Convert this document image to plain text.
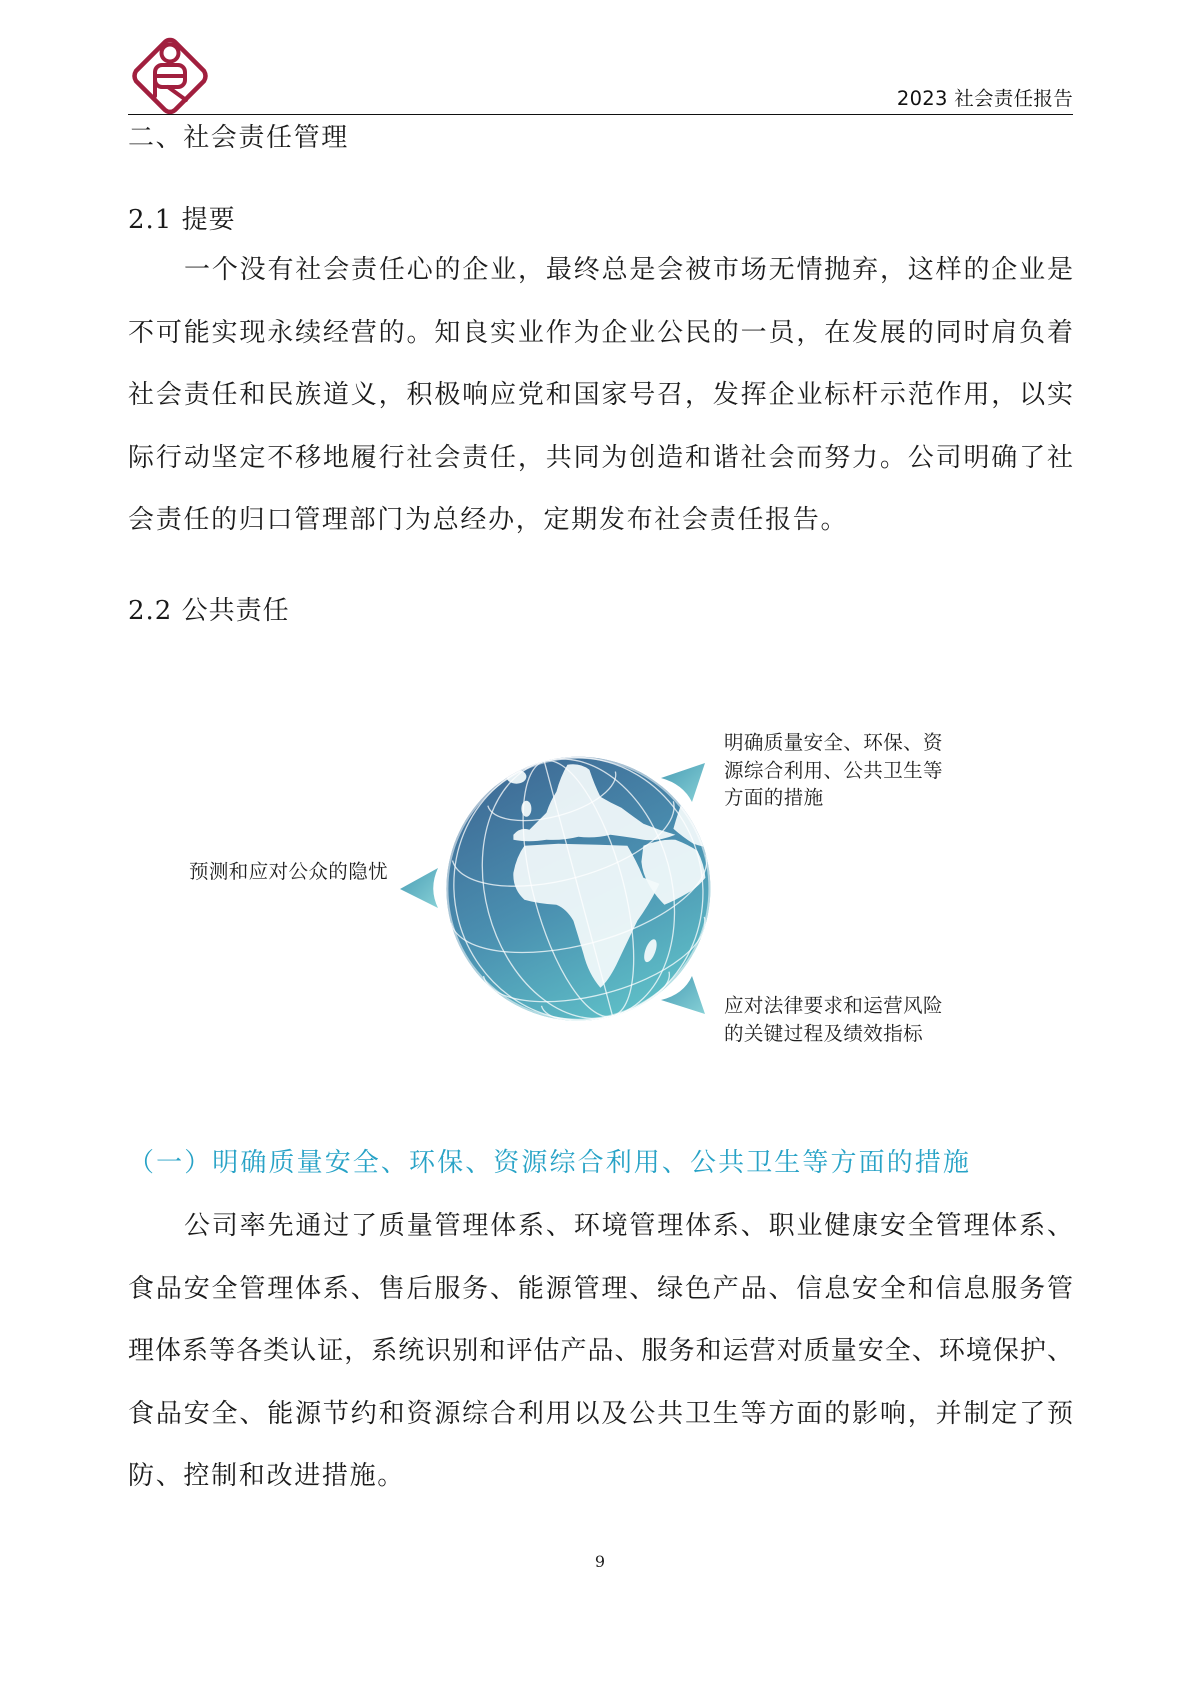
2023 社会责任报告
二、社会责任管理
2.1 提要
一个没有社会责任心的企业，最终总是会被市场无情抛弃，这样的企业是
不可能实现永续经营的。知良实业作为企业公民的一员，在发展的同时肩负着
社会责任和民族道义，积极响应党和国家号召，发挥企业标杆示范作用，以实
际行动坚定不移地履行社会责任，共同为创造和谐社会而努力。公司明确了社
会责任的归口管理部门为总经办，定期发布社会责任报告。
2.2 公共责任
预测和应对公众的隐忧
明确质量安全、环保、资
源综合利用、公共卫生等
方面的措施
应对法律要求和运营风险
的关键过程及绩效指标
（一）明确质量安全、环保、资源综合利用、公共卫生等方面的措施
公司率先通过了质量管理体系、环境管理体系、职业健康安全管理体系、
食品安全管理体系、售后服务、能源管理、绿色产品、信息安全和信息服务管
理体系等各类认证，系统识别和评估产品、服务和运营对质量安全、环境保护、
食品安全、能源节约和资源综合利用以及公共卫生等方面的影响，并制定了预
防、控制和改进措施。
9
